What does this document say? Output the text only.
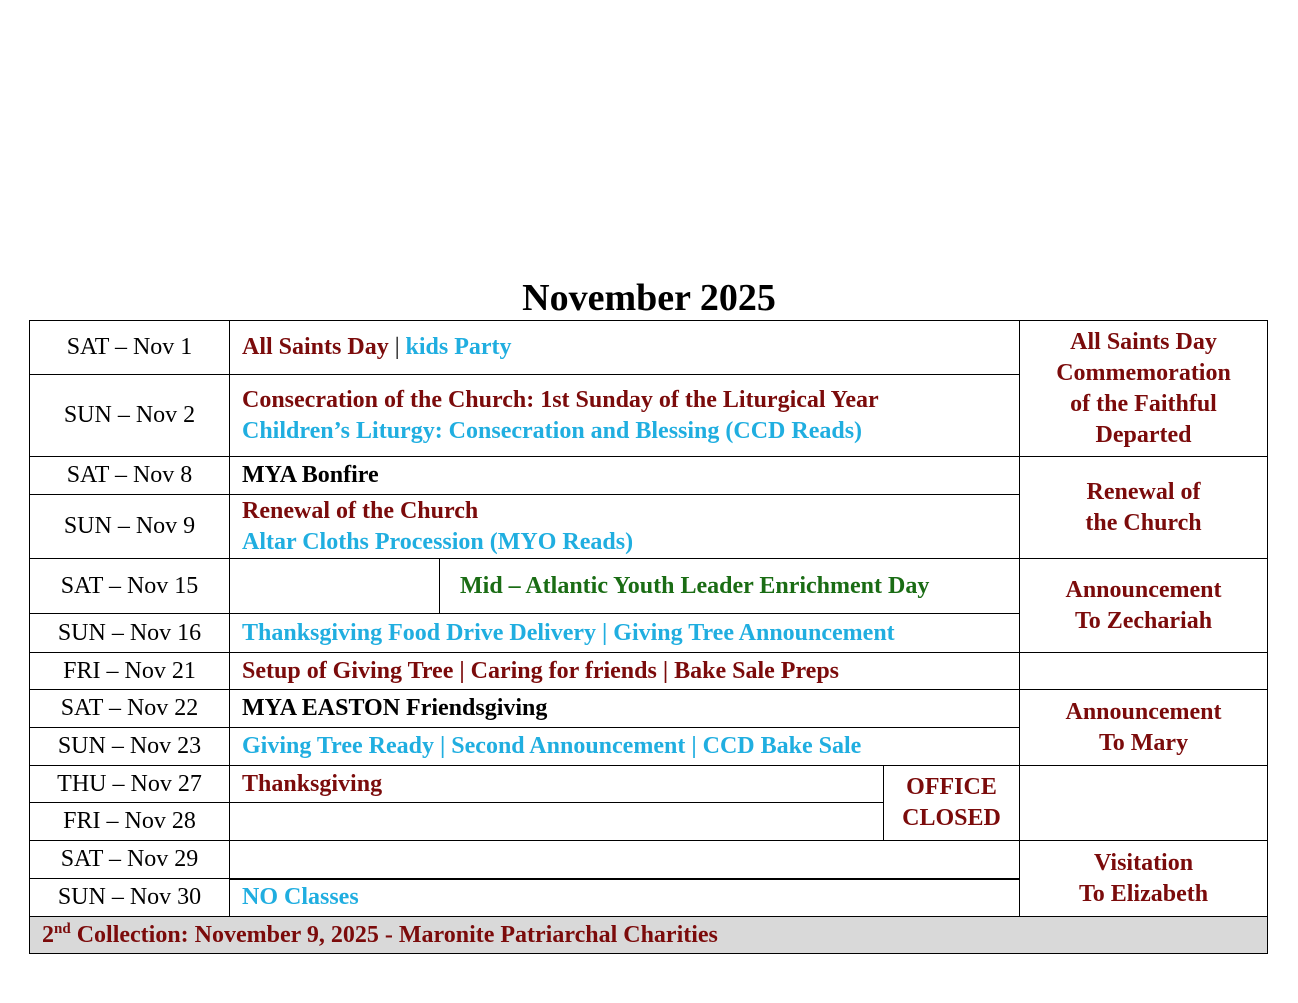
November 2025
SAT – Nov 1	All Saints Day | kids Party			All Saints Day
Commemoration
of the Faithful
Departed

SUN – Nov 2	Consecration of the Church: 1st Sunday of the Liturgical Year
Children’s Liturgy: Consecration and Blessing (CCD Reads)			

SAT – Nov 8	MYA Bonfire			Renewal of
the Church

SUN – Nov 9	Renewal of the Church
Altar Cloths Procession (MYO Reads)			

SAT – Nov 15		Mid – Atlantic Youth Leader Enrichment Day		Announcement
To Zechariah

SUN – Nov 16	Thanksgiving Food Drive Delivery | Giving Tree Announcement			
FRI – Nov 21	Setup of Giving Tree | Caring for friends | Bake Sale Preps			
SAT – Nov 22	MYA EASTON Friendsgiving			Announcement
To Mary

SUN – Nov 23	Giving Tree Ready | Second Announcement | CCD Bake Sale			
THU – Nov 27	Thanksgiving		OFFICE
CLOSED	

FRI – Nov 28				
SAT – Nov 29				Visitation
To Elizabeth

SUN – Nov 30	NO Classes			
2nd Collection: November 9, 2025 - Maronite Patriarchal Charities				
